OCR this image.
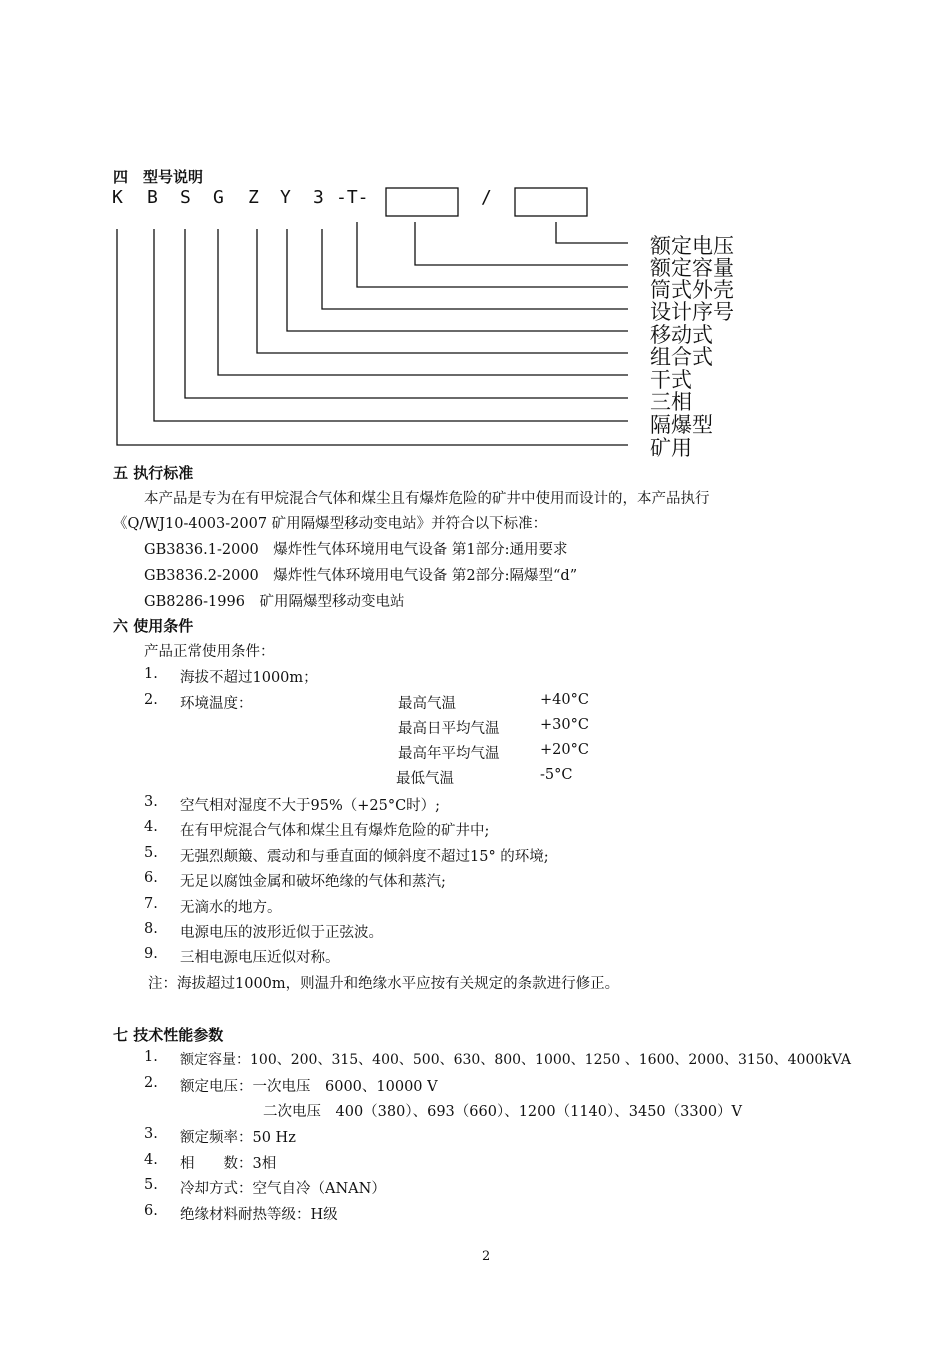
四　型号说明
K B S G Z Y 3 -T-	/
额定电压
额定容量
筒式外壳
设计序号
移动式
组合式
干式
三相
隔爆型
矿用
五 执行标准
本产品是专为在有甲烷混合气体和煤尘且有爆炸危险的矿井中使用而设计的，本产品执行
《Q/WJ10-4003-2007 矿用隔爆型移动变电站》并符合以下标准：
GB3836.1-2000　爆炸性气体环境用电气设备 第1部分:通用要求
GB3836.2-2000　爆炸性气体环境用电气设备 第2部分:隔爆型“d”
GB8286-1996　矿用隔爆型移动变电站
六 使用条件
产品正常使用条件：
1. 海拔不超过1000m；
2. 环境温度：	最高气温	+40°C
最高日平均气温	+30°C
最高年平均气温	+20°C
最低气温	-5°C
3. 空气相对湿度不大于95%（+25°C时）;
4. 在有甲烷混合气体和煤尘且有爆炸危险的矿井中;
5. 无强烈颠簸、震动和与垂直面的倾斜度不超过15° 的环境;
6. 无足以腐蚀金属和破坏绝缘的气体和蒸汽;
7. 无滴水的地方。
8. 电源电压的波形近似于正弦波。
9. 三相电源电压近似对称。
注：海拔超过1000m，则温升和绝缘水平应按有关规定的条款进行修正。
七 技术性能参数
1. 额定容量：100、200、315、400、500、630、800、1000、1250 、1600、2000、3150、4000kVA
2. 额定电压：一次电压　6000、10000 V
二次电压　400（380）、693（660）、1200（1140）、3450（3300）V
3. 额定频率：50 Hz
4. 相　　数：3相
5. 冷却方式：空气自冷（ANAN）
6. 绝缘材料耐热等级：H级
2
